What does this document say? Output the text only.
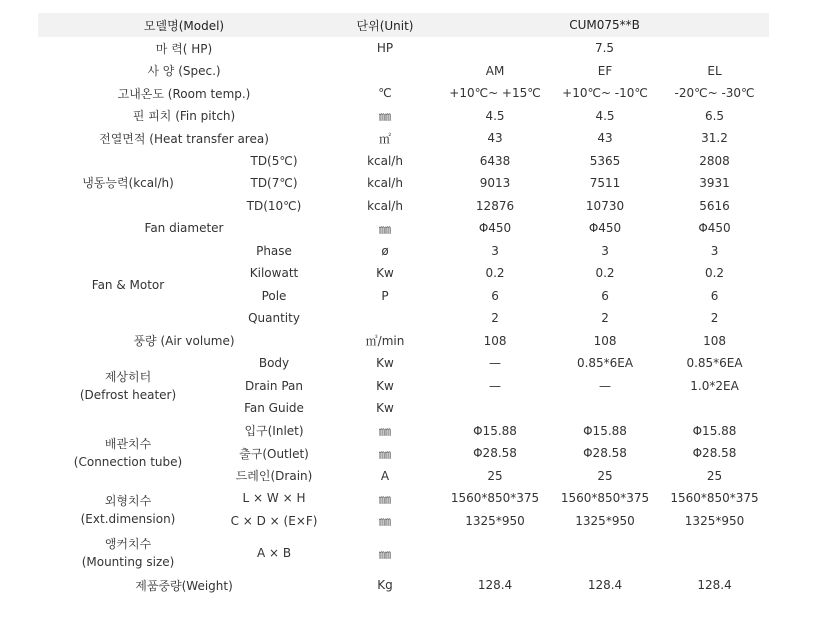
모델명(Model)		단위(Unit)	CUM075**B		
마 력( HP)		HP	7.5		
사 양 (Spec.)			AM	EF	EL
고내온도 (Room temp.)		℃	+10℃~ +15℃	+10℃~ -10℃	-20℃~ -30℃
핀 피치 (Fin pitch)		㎜	4.5	4.5	6.5
전열면적 (Heat transfer area)		㎡	43	43	31.2
냉동능력(kcal/h)	TD(5℃)	kcal/h	6438	5365	2808
	TD(7℃)	kcal/h	9013	7511	3931
	TD(10℃)	kcal/h	12876	10730	5616
Fan diameter		㎜	Φ450	Φ450	Φ450
Fan & Motor	Phase	ø	3	3	3
	Kilowatt	Kw	0.2	0.2	0.2
	Pole	P	6	6	6
	Quantity		2	2	2
풍량 (Air volume)		㎥/min	108	108	108

제상히터
(Defrost heater)	Body	Kw	—	0.85*6EA	0.85*6EA
	Drain Pan	Kw	—	—	1.0*2EA
	Fan Guide	Kw			

배관치수
(Connection tube)	입구(Inlet)	㎜	Φ15.88	Φ15.88	Φ15.88
	출구(Outlet)	㎜	Φ28.58	Φ28.58	Φ28.58
	드레인(Drain)	A	25	25	25

외형치수
(Ext.dimension)	L × W × H	㎜	1560*850*375	1560*850*375	1560*850*375
	C × D × (E×F)	㎜	1325*950	1325*950	1325*950

앵커치수
(Mounting size)	A × B	㎜			
제품중량(Weight)		Kg	128.4	128.4	128.4
